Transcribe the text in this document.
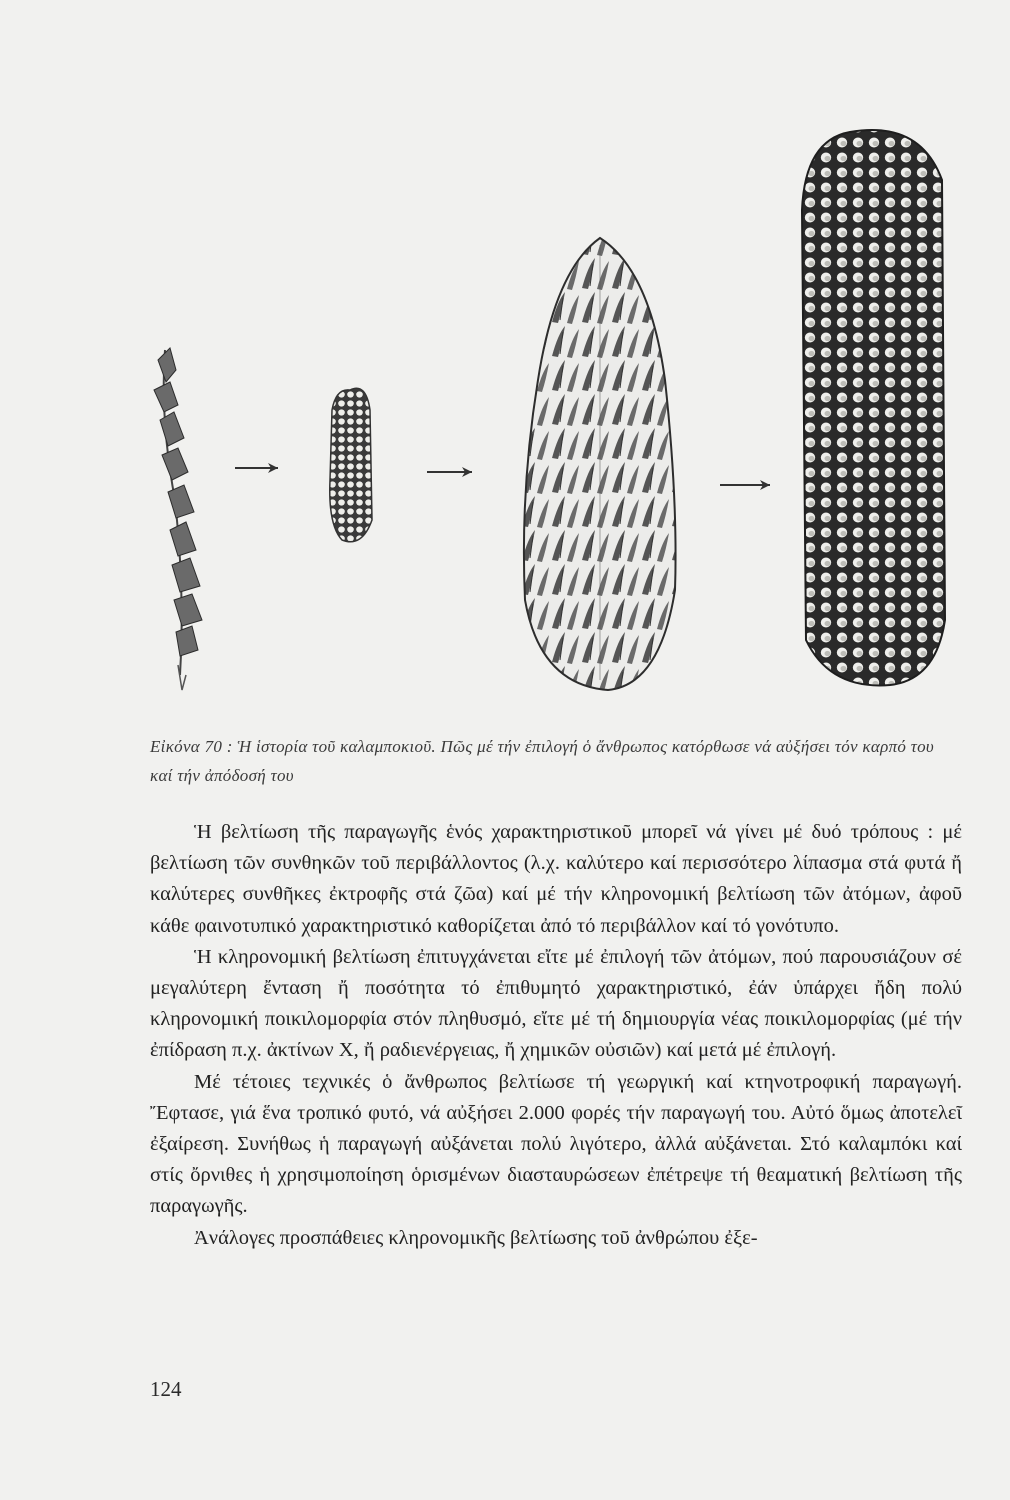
Εἰκόνα 70 : Ἡ ἱστορία τοῦ καλαμποκιοῦ. Πῶς μέ τήν ἐπιλογή ὁ ἄνθρωπος κατόρθωσε νά αὐξήσει τόν καρπό του καί τήν ἀπόδοσή του

Ἡ βελτίωση τῆς παραγωγῆς ἑνός χαρακτηριστικοῦ μπορεῖ νά γίνει μέ δυό τρόπους : μέ βελτίωση τῶν συνθηκῶν τοῦ περιβάλλοντος (λ.χ. καλύτερο καί περισσότερο λίπασμα στά φυτά ἤ καλύτερες συνθῆκες ἐκτροφῆς στά ζῶα) καί μέ τήν κληρονομική βελτίωση τῶν ἀτόμων, ἀφοῦ κάθε φαινοτυπικό χαρακτηριστικό καθορίζεται ἀπό τό περιβάλλον καί τό γονότυπο.

Ἡ κληρονομική βελτίωση ἐπιτυγχάνεται εἴτε μέ ἐπιλογή τῶν ἀτόμων, πού παρουσιάζουν σέ μεγαλύτερη ἔνταση ἤ ποσότητα τό ἐπιθυμητό χαρακτηριστικό, ἐάν ὑπάρχει ἤδη πολύ κληρονομική ποικιλομορφία στόν πληθυσμό, εἴτε μέ τή δημιουργία νέας ποικιλομορφίας (μέ τήν ἐπίδραση π.χ. ἀκτίνων Χ, ἤ ραδιενέργειας, ἤ χημικῶν οὐσιῶν) καί μετά μέ ἐπιλογή.

Μέ τέτοιες τεχνικές ὁ ἄνθρωπος βελτίωσε τή γεωργική καί κτηνοτροφική παραγωγή. Ἔφτασε, γιά ἕνα τροπικό φυτό, νά αὐξήσει 2.000 φορές τήν παραγωγή του. Αὐτό ὅμως ἀποτελεῖ ἐξαίρεση. Συνήθως ἡ παραγωγή αὐξάνεται πολύ λιγότερο, ἀλλά αὐξάνεται. Στό καλαμπόκι καί στίς ὄρνιθες ἡ χρησιμοποίηση ὁρισμένων διασταυρώσεων ἐπέτρεψε τή θεαματική βελτίωση τῆς παραγωγῆς.

Ἀνάλογες προσπάθειες κληρονομικῆς βελτίωσης τοῦ ἀνθρώπου ἐξε-

124
